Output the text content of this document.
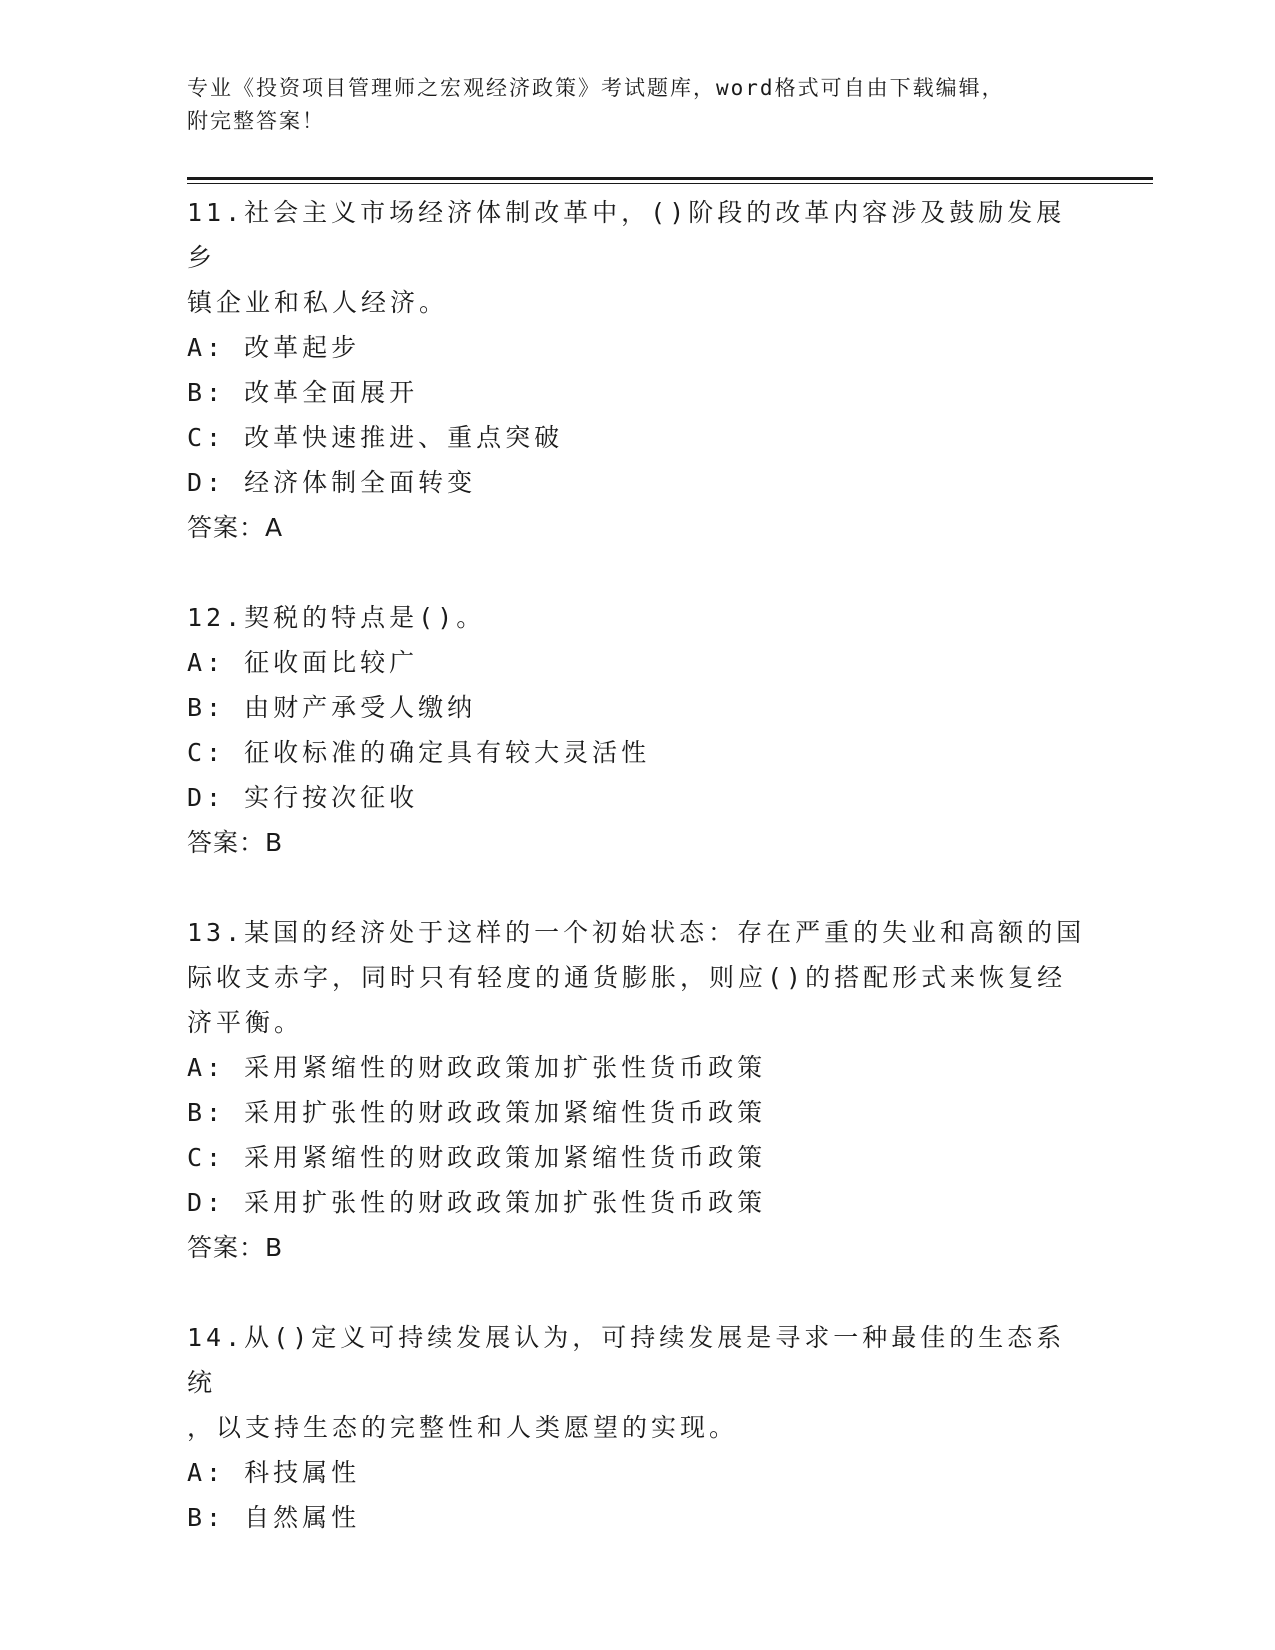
专业《投资项目管理师之宏观经济政策》考试题库，word格式可自由下载编辑，
附完整答案！
11.社会主义市场经济体制改革中，()阶段的改革内容涉及鼓励发展乡
镇企业和私人经济。
A: 改革起步
B: 改革全面展开
C: 改革快速推进、重点突破
D: 经济体制全面转变
答案：A
12.契税的特点是()。
A: 征收面比较广
B: 由财产承受人缴纳
C: 征收标准的确定具有较大灵活性
D: 实行按次征收
答案：B
13.某国的经济处于这样的一个初始状态：存在严重的失业和高额的国
际收支赤字，同时只有轻度的通货膨胀，则应()的搭配形式来恢复经
济平衡。
A: 采用紧缩性的财政政策加扩张性货币政策
B: 采用扩张性的财政政策加紧缩性货币政策
C: 采用紧缩性的财政政策加紧缩性货币政策
D: 采用扩张性的财政政策加扩张性货币政策
答案：B
14.从()定义可持续发展认为，可持续发展是寻求一种最佳的生态系统
，以支持生态的完整性和人类愿望的实现。
A: 科技属性
B: 自然属性
